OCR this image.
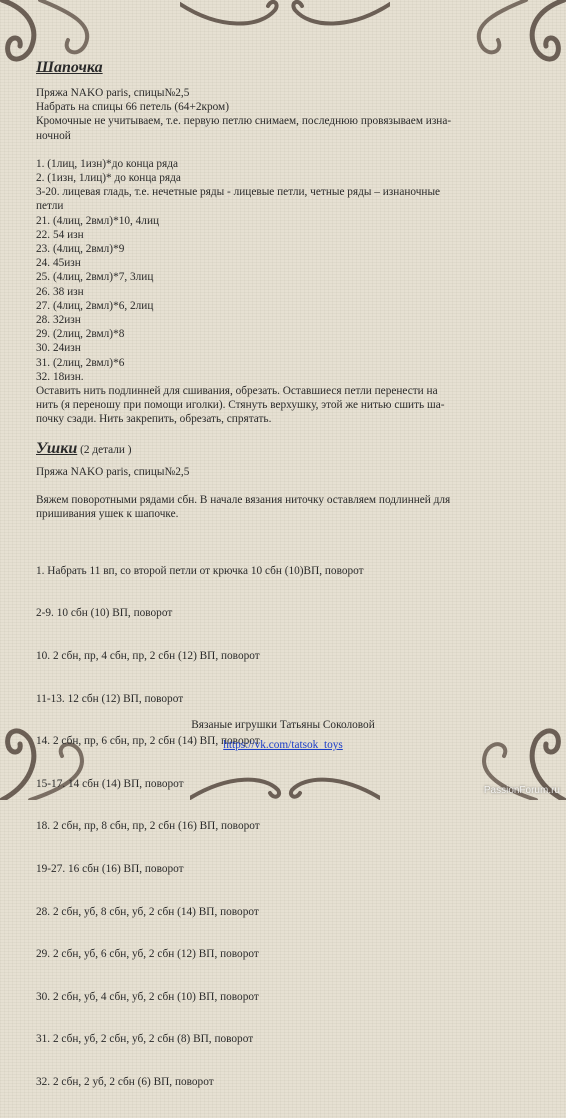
Шапочка
Пряжа NAKO paris, спицы№2,5
Набрать на спицы 66 петель (64+2кром)
Кромочные не учитываем, т.е. первую петлю снимаем, последнюю провязываем изна-
ночной
1. (1лиц, 1изн)*до конца ряда
2. (1изн, 1лиц)* до конца ряда
3-20. лицевая гладь, т.е. нечетные ряды - лицевые петли, четные ряды – изнаночные
петли
21. (4лиц, 2вмл)*10, 4лиц
22. 54 изн
23. (4лиц, 2вмл)*9
24. 45изн
25. (4лиц, 2вмл)*7, 3лиц
26. 38 изн
27. (4лиц, 2вмл)*6, 2лиц
28. 32изн
29. (2лиц, 2вмл)*8
30. 24изн
31. (2лиц, 2вмл)*6
32. 18изн.
Оставить нить подлинней для сшивания, обрезать. Оставшиеся петли перенести на
нить (я переношу при помощи иголки). Стянуть верхушку, этой же нитью сшить ша-
почку сзади. Нить закрепить, обрезать, спрятать.
Ушки (2 детали )
Пряжа NAKO paris, спицы№2,5
Вяжем поворотными рядами сбн. В начале вязания ниточку оставляем подлинней для
пришивания ушек к шапочке.

1. Набрать 11 вп, со второй петли от крючка 10 сбн (10)ВП, поворот

2-9. 10 сбн (10) ВП, поворот

10. 2 сбн, пр, 4 сбн, пр, 2 сбн (12) ВП, поворот

11-13. 12 сбн (12) ВП, поворот

14. 2 сбн, пр, 6 сбн, пр, 2 сбн (14) ВП, поворот

15-17. 14 сбн (14) ВП, поворот

18. 2 сбн, пр, 8 сбн, пр, 2 сбн (16) ВП, поворот

19-27. 16 сбн (16) ВП, поворот

28. 2 сбн, уб, 8 сбн, уб, 2 сбн (14) ВП, поворот

29. 2 сбн, уб, 6 сбн, уб, 2 сбн (12) ВП, поворот

30. 2 сбн, уб, 4 сбн, уб, 2 сбн (10) ВП, поворот

31. 2 сбн, уб, 2 сбн, уб, 2 сбн (8) ВП, поворот

32. 2 сбн, 2 уб, 2 сбн (6) ВП, поворот

Вязаные игрушки Татьяны Соколовой
https://vk.com/tatsok_toys
PassionForum.ru
